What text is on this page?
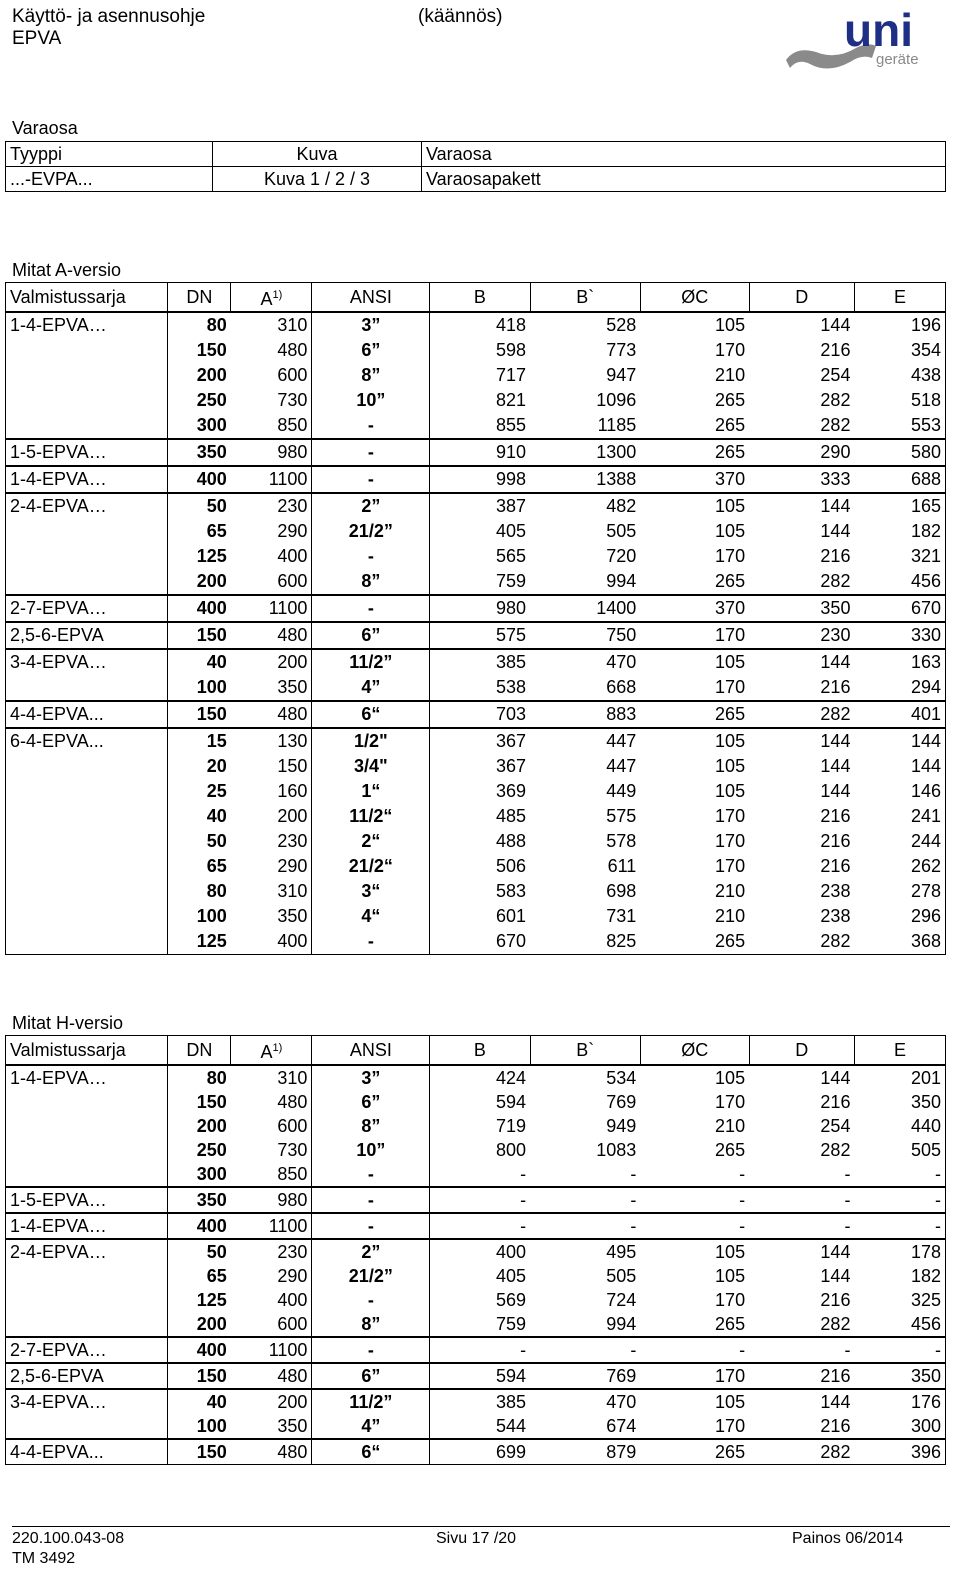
Käyttö- ja asennusohje
EPVA
(käännös)	uni
geräte
Varaosa
Tyyppi	Kuva	Varaosa
...-EVPA...	Kuva 1 / 2 / 3	Varaosapakett
Mitat A-versio
Valmistussarja	DN	$A^{1)}$	ANSI	B	B`	ØC	D	E
1-4-EPVA…	80	310	3”	418	528	105	144	196
	150	480	6”	598	773	170	216	354
	200	600	8”	717	947	210	254	438
	250	730	10”	821	1096	265	282	518
	300	850	-	855	1185	265	282	553
1-5-EPVA…	350	980	-	910	1300	265	290	580
1-4-EPVA…	400	1100	-	998	1388	370	333	688
2-4-EPVA…	50	230	2”	387	482	105	144	165
	65	290	21/2”	405	505	105	144	182
	125	400	-	565	720	170	216	321
	200	600	8”	759	994	265	282	456
2-7-EPVA…	400	1100	-	980	1400	370	350	670
2,5-6-EPVA	150	480	6”	575	750	170	230	330
3-4-EPVA…	40	200	11/2”	385	470	105	144	163
	100	350	4”	538	668	170	216	294
4-4-EPVA...	150	480	6“	703	883	265	282	401
6-4-EPVA...	15	130	1/2"	367	447	105	144	144
	20	150	3/4"	367	447	105	144	144
	25	160	1“	369	449	105	144	146
	40	200	11/2“	485	575	170	216	241
	50	230	2“	488	578	170	216	244
	65	290	21/2“	506	611	170	216	262
	80	310	3“	583	698	210	238	278
	100	350	4“	601	731	210	238	296
	125	400	-	670	825	265	282	368
Mitat H-versio
Valmistussarja	DN	$A^{1)}$	ANSI	B	B`	ØC	D	E
1-4-EPVA…	80	310	3”	424	534	105	144	201
	150	480	6”	594	769	170	216	350
	200	600	8”	719	949	210	254	440
	250	730	10”	800	1083	265	282	505
	300	850	-	-	-	-	-	-
1-5-EPVA…	350	980	-	-	-	-	-	-
1-4-EPVA…	400	1100	-	-	-	-	-	-
2-4-EPVA…	50	230	2”	400	495	105	144	178
	65	290	21/2”	405	505	105	144	182
	125	400	-	569	724	170	216	325
	200	600	8”	759	994	265	282	456
2-7-EPVA…	400	1100	-	-	-	-	-	-
2,5-6-EPVA	150	480	6”	594	769	170	216	350
3-4-EPVA…	40	200	11/2”	385	470	105	144	176
	100	350	4”	544	674	170	216	300
4-4-EPVA...	150	480	6“	699	879	265	282	396
220.100.043-08
TM 3492
Sivu 17 /20	Painos 06/2014
